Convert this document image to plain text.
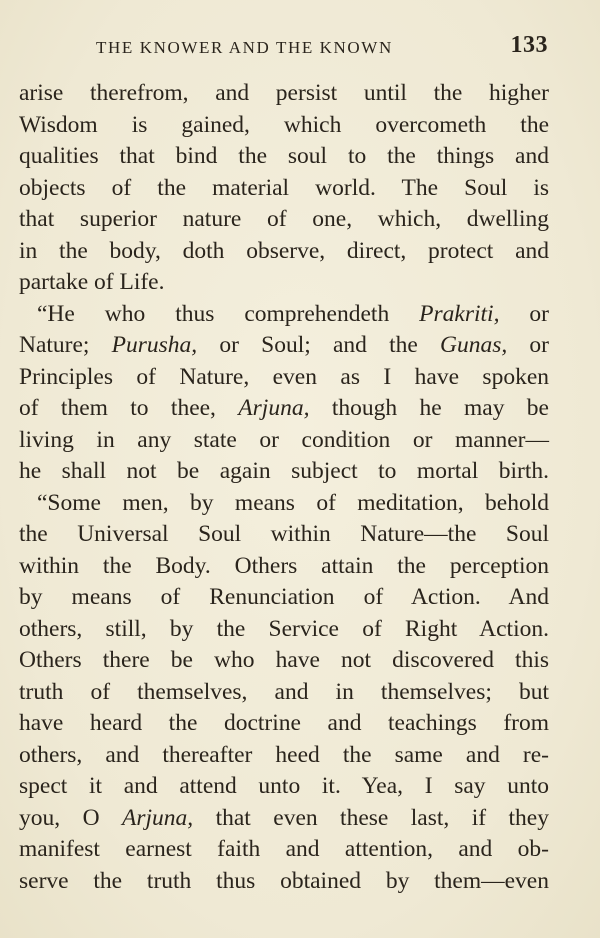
THE KNOWER AND THE KNOWN	133
arise therefrom, and persist until the higher
Wisdom is gained, which overcometh the
qualities that bind the soul to the things and
objects of the material world. The Soul is
that superior nature of one, which, dwelling
in the body, doth observe, direct, protect and
partake of Life.
“He who thus comprehendeth Prakriti, or
Nature; Purusha, or Soul; and the Gunas, or
Principles of Nature, even as I have spoken
of them to thee, Arjuna, though he may be
living in any state or condition or manner—
he shall not be again subject to mortal birth.
“Some men, by means of meditation, behold
the Universal Soul within Nature—the Soul
within the Body. Others attain the perception
by means of Renunciation of Action. And
others, still, by the Service of Right Action.
Others there be who have not discovered this
truth of themselves, and in themselves; but
have heard the doctrine and teachings from
others, and thereafter heed the same and re-
spect it and attend unto it. Yea, I say unto
you, O Arjuna, that even these last, if they
manifest earnest faith and attention, and ob-
serve the truth thus obtained by them—even
